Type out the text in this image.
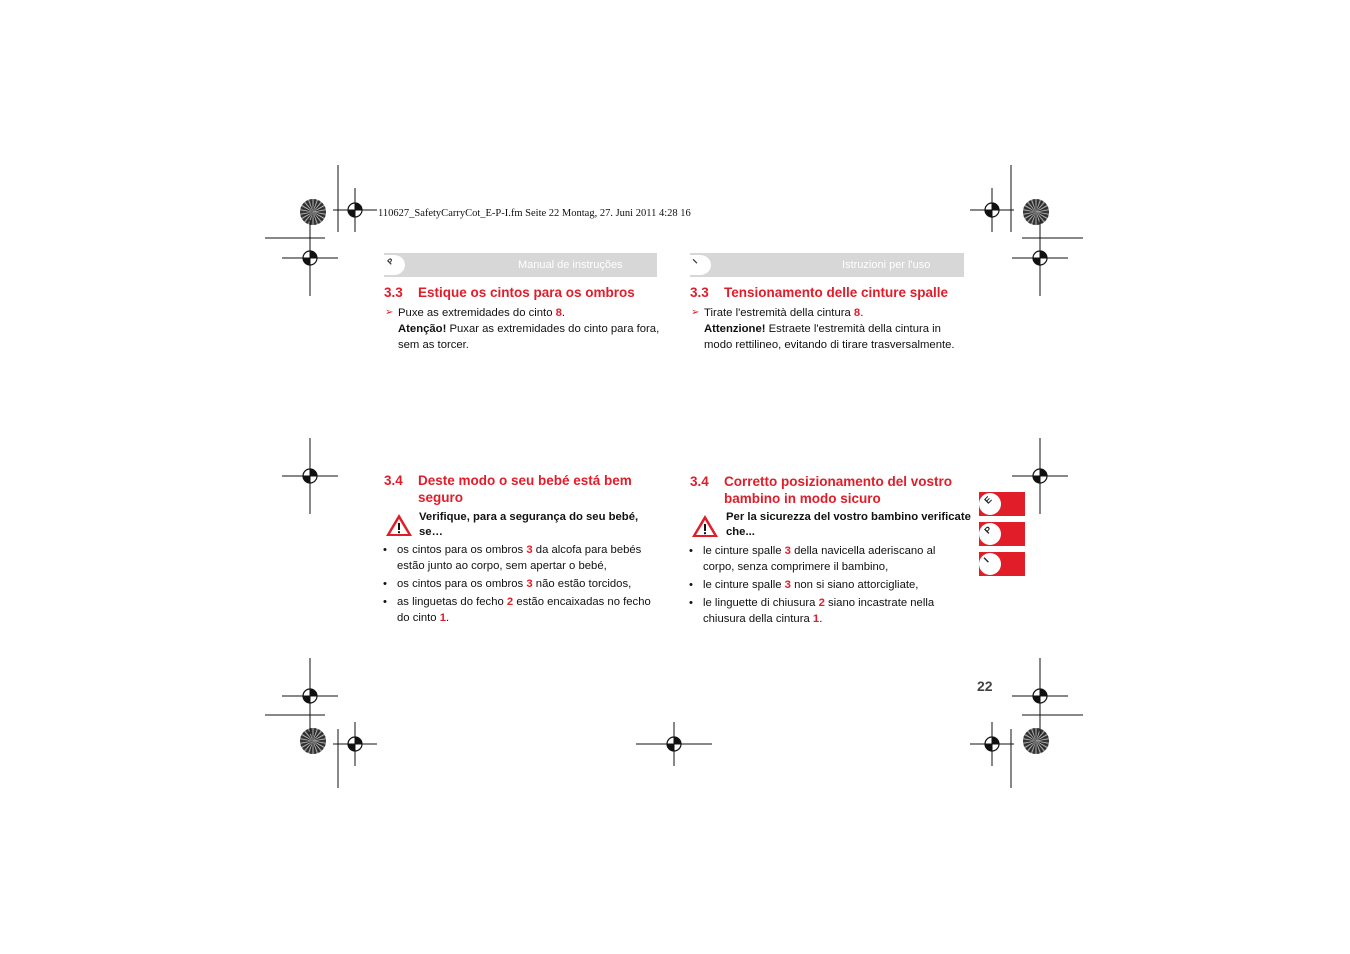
110627_SafetyCarryCot_E-P-I.fm Seite 22 Montag, 27. Juni 2011 4:28 16
P	Manual de instruções
3.3 Estique os cintos para os ombros
➢ Puxe as extremidades do cinto 8.
Atenção! Puxar as extremidades do cinto para fora, sem as torcer.
3.4 Deste modo o seu bebé está bem seguro
Verifique, para a segurança do seu bebé, se…
• os cintos para os ombros 3 da alcofa para bebés estão junto ao corpo, sem apertar o bebé,
• os cintos para os ombros 3 não estão torcidos,
• as linguetas do fecho 2 estão encaixadas no fecho do cinto 1.
I	Istruzioni per l'uso
3.3 Tensionamento delle cinture spalle
➢ Tirate l'estremità della cintura 8.
Attenzione! Estraete l'estremità della cintura in modo rettilineo, evitando di tirare trasversalmente.
3.4 Corretto posizionamento del vostro bambino in modo sicuro
Per la sicurezza del vostro bambino verificate che...
• le cinture spalle 3 della navicella aderiscano al corpo, senza comprimere il bambino,
• le cinture spalle 3 non si siano attorcigliate,
• le linguette di chiusura 2 siano incastrate nella chiusura della cintura 1.
E
P
I
22
